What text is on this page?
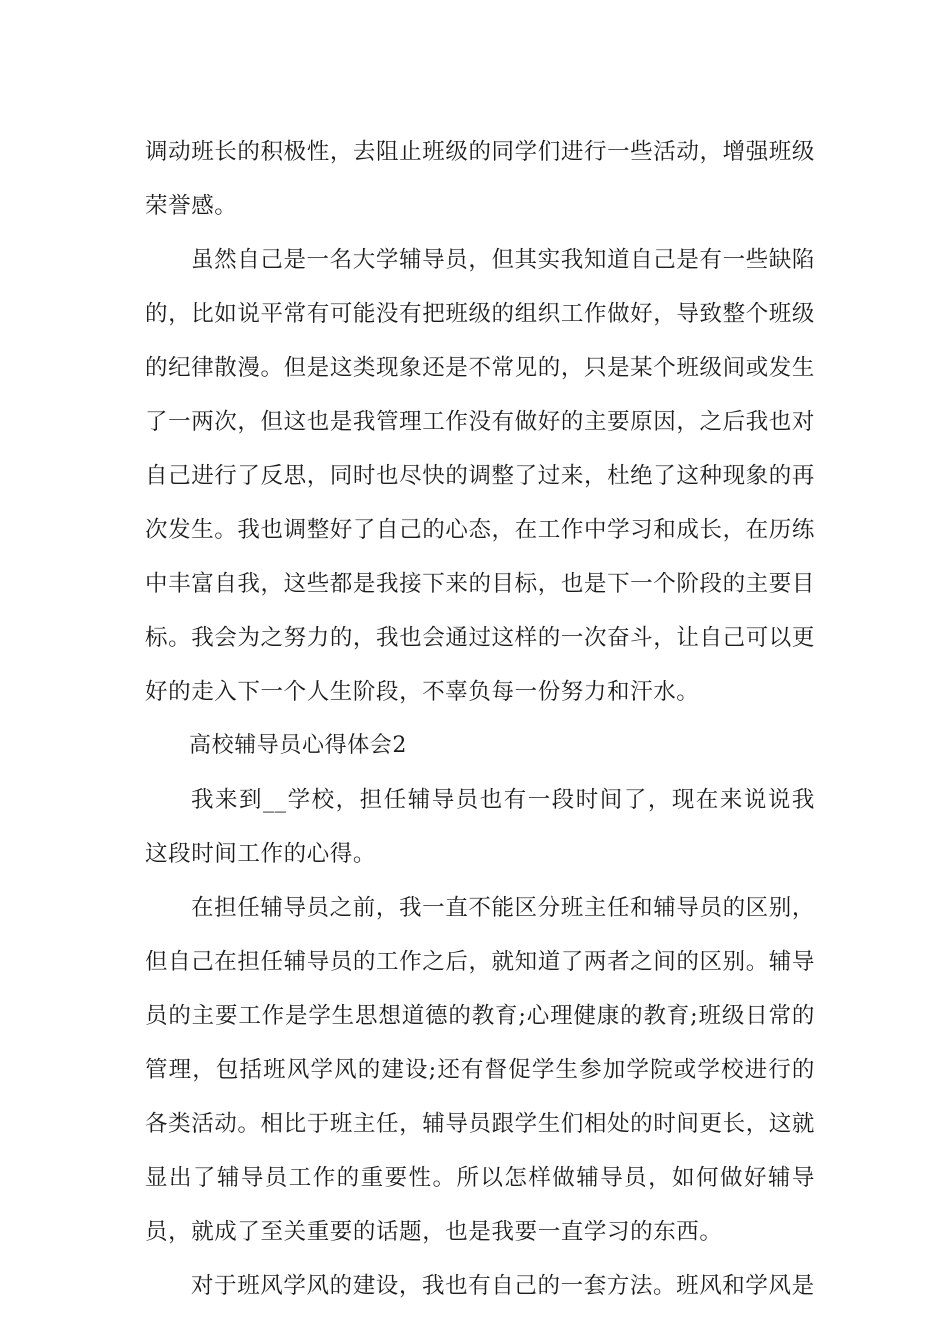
调动班长的积极性，去阻止班级的同学们进行一些活动，增强班级荣誉感。

虽然自己是一名大学辅导员，但其实我知道自己是有一些缺陷的，比如说平常有可能没有把班级的组织工作做好，导致整个班级的纪律散漫。但是这类现象还是不常见的，只是某个班级间或发生了一两次，但这也是我管理工作没有做好的主要原因，之后我也对自己进行了反思，同时也尽快的调整了过来，杜绝了这种现象的再次发生。我也调整好了自己的心态，在工作中学习和成长，在历练中丰富自我，这些都是我接下来的目标，也是下一个阶段的主要目标。我会为之努力的，我也会通过这样的一次奋斗，让自己可以更好的走入下一个人生阶段，不辜负每一份努力和汗水。

高校辅导员心得体会2

我来到__学校，担任辅导员也有一段时间了，现在来说说我这段时间工作的心得。

在担任辅导员之前，我一直不能区分班主任和辅导员的区别，但自己在担任辅导员的工作之后，就知道了两者之间的区别。辅导员的主要工作是学生思想道德的教育;心理健康的教育;班级日常的管理，包括班风学风的建设;还有督促学生参加学院或学校进行的各类活动。相比于班主任，辅导员跟学生们相处的时间更长，这就显出了辅导员工作的重要性。所以怎样做辅导员，如何做好辅导员，就成了至关重要的话题，也是我要一直学习的东西。

对于班风学风的建设，我也有自己的一套方法。班风和学风是
